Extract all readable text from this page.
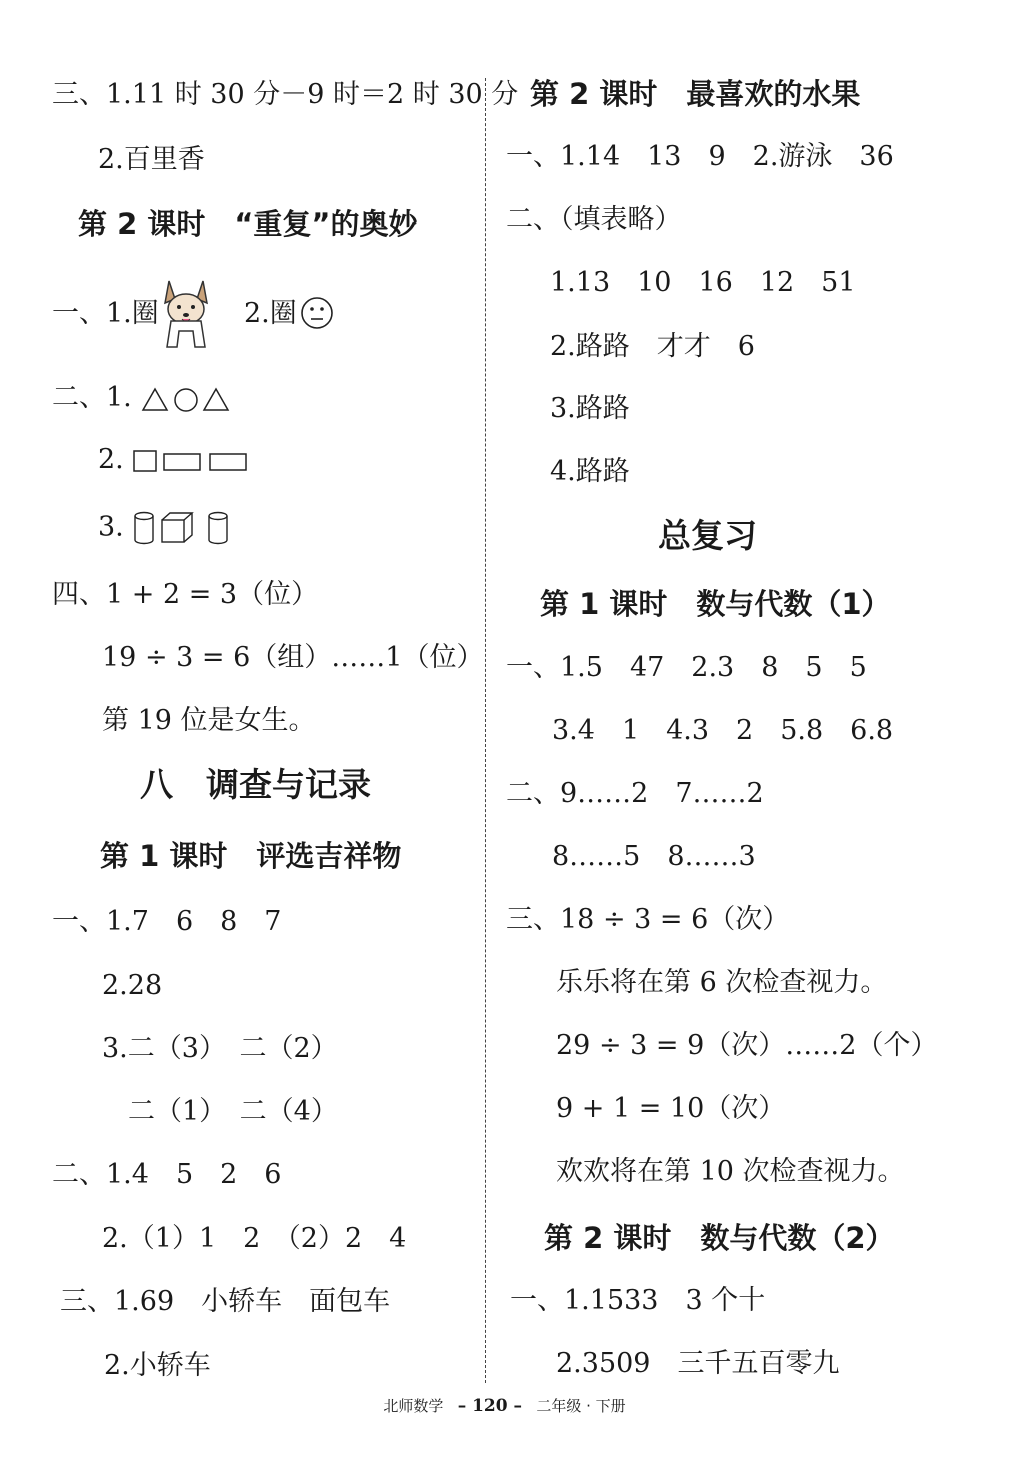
三、1.11 时 30 分－9 时＝2 时 30 分
2.百里香
第 2 课时　“重复”的奥妙
一、1.圈	2.圈
二、1.
2.
3.
四、1 + 2 = 3（位）
19 ÷ 3 = 6（组）……1（位）
第 19 位是女生。
八　调查与记录
第 1 课时　评选吉祥物
一、1.7　6　8　7
2.28
3.二（3）　二（2）
二（1）　二（4）
二、1.4　5　2　6
2.（1）1　2　（2）2　4
三、1.69　小轿车　面包车
2.小轿车
第 2 课时　最喜欢的水果
一、1.14　13　9　2.游泳　36
二、（填表略）
1.13　10　16　12　51
2.路路　才才　6
3.路路
4.路路
总复习
第 1 课时　数与代数（1）
一、1.5　47　2.3　8　5　5
3.4　1　4.3　2　5.8　6.8
二、9……2　7……2
8……5　8……3
三、18 ÷ 3 = 6（次）
乐乐将在第 6 次检查视力。
29 ÷ 3 = 9（次）……2（个）
9 + 1 = 10（次）
欢欢将在第 10 次检查视力。
第 2 课时　数与代数（2）
一、1.1533　3 个十
2.3509　三千五百零九
北师数学 – 120 – 二年级 · 下册
